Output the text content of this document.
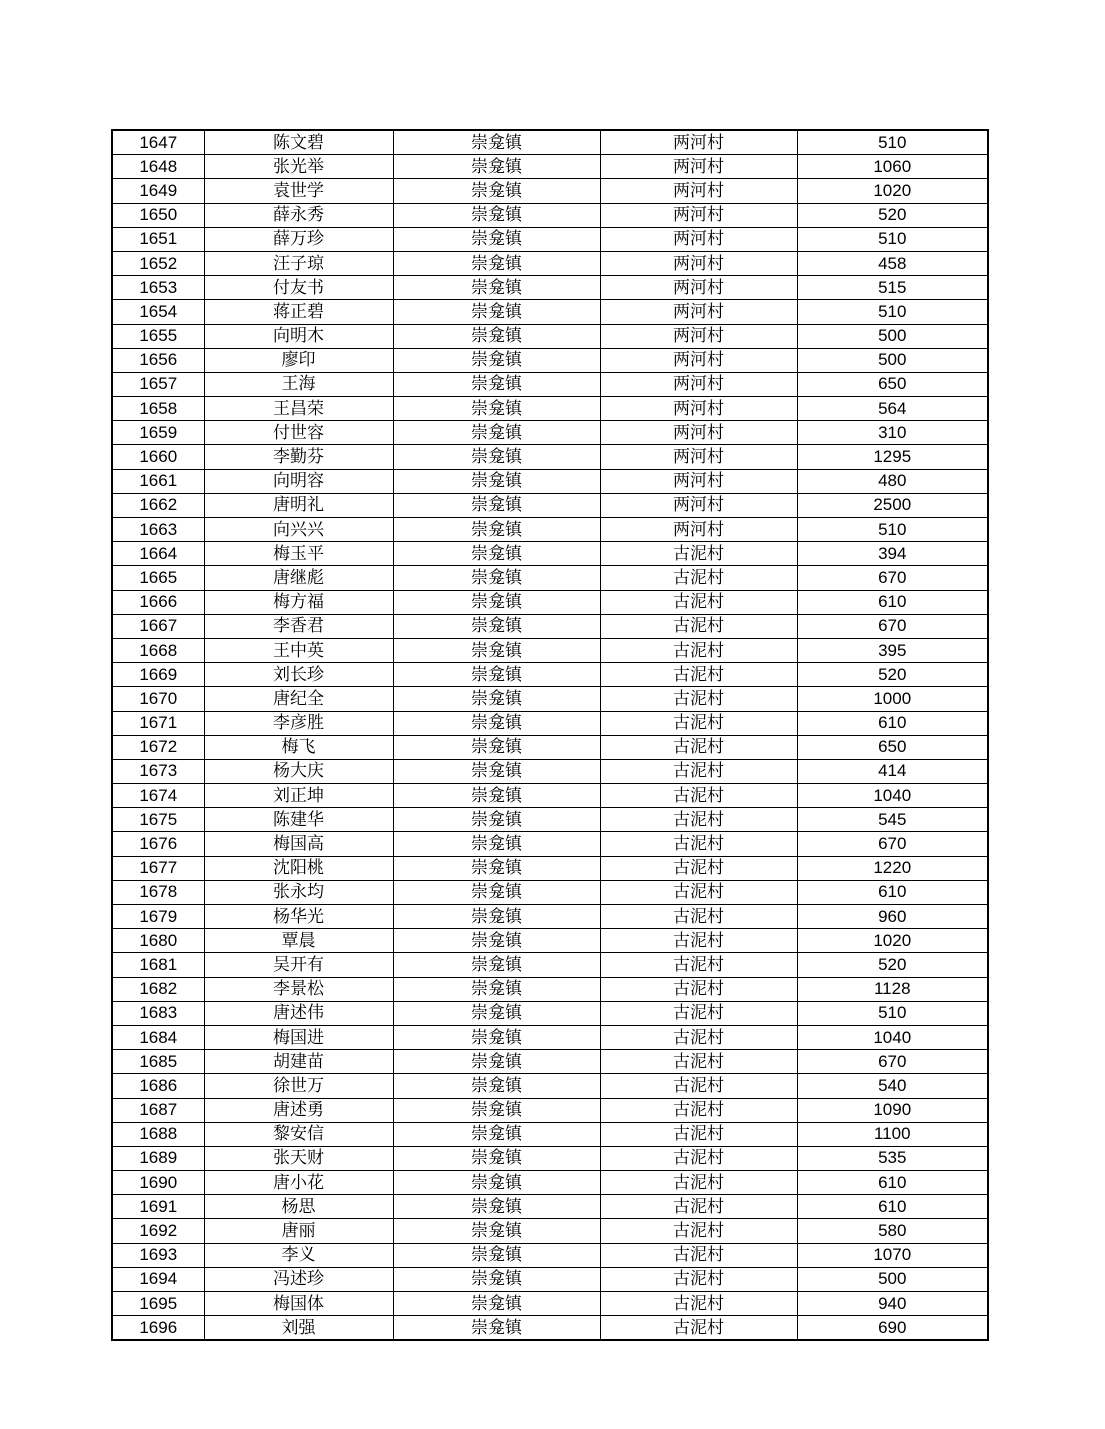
1647	陈文碧	崇龛镇	两河村	510
1648	张光举	崇龛镇	两河村	1060
1649	袁世学	崇龛镇	两河村	1020
1650	薛永秀	崇龛镇	两河村	520
1651	薛万珍	崇龛镇	两河村	510
1652	汪子琼	崇龛镇	两河村	458
1653	付友书	崇龛镇	两河村	515
1654	蒋正碧	崇龛镇	两河村	510
1655	向明木	崇龛镇	两河村	500
1656	廖印	崇龛镇	两河村	500
1657	王海	崇龛镇	两河村	650
1658	王昌荣	崇龛镇	两河村	564
1659	付世容	崇龛镇	两河村	310
1660	李勤芬	崇龛镇	两河村	1295
1661	向明容	崇龛镇	两河村	480
1662	唐明礼	崇龛镇	两河村	2500
1663	向兴兴	崇龛镇	两河村	510
1664	梅玉平	崇龛镇	古泥村	394
1665	唐继彪	崇龛镇	古泥村	670
1666	梅方福	崇龛镇	古泥村	610
1667	李香君	崇龛镇	古泥村	670
1668	王中英	崇龛镇	古泥村	395
1669	刘长珍	崇龛镇	古泥村	520
1670	唐纪全	崇龛镇	古泥村	1000
1671	李彦胜	崇龛镇	古泥村	610
1672	梅飞	崇龛镇	古泥村	650
1673	杨大庆	崇龛镇	古泥村	414
1674	刘正坤	崇龛镇	古泥村	1040
1675	陈建华	崇龛镇	古泥村	545
1676	梅国高	崇龛镇	古泥村	670
1677	沈阳桃	崇龛镇	古泥村	1220
1678	张永均	崇龛镇	古泥村	610
1679	杨华光	崇龛镇	古泥村	960
1680	覃晨	崇龛镇	古泥村	1020
1681	吴开有	崇龛镇	古泥村	520
1682	李景松	崇龛镇	古泥村	1128
1683	唐述伟	崇龛镇	古泥村	510
1684	梅国进	崇龛镇	古泥村	1040
1685	胡建苗	崇龛镇	古泥村	670
1686	徐世万	崇龛镇	古泥村	540
1687	唐述勇	崇龛镇	古泥村	1090
1688	黎安信	崇龛镇	古泥村	1100
1689	张天财	崇龛镇	古泥村	535
1690	唐小花	崇龛镇	古泥村	610
1691	杨思	崇龛镇	古泥村	610
1692	唐丽	崇龛镇	古泥村	580
1693	李义	崇龛镇	古泥村	1070
1694	冯述珍	崇龛镇	古泥村	500
1695	梅国体	崇龛镇	古泥村	940
1696	刘强	崇龛镇	古泥村	690
